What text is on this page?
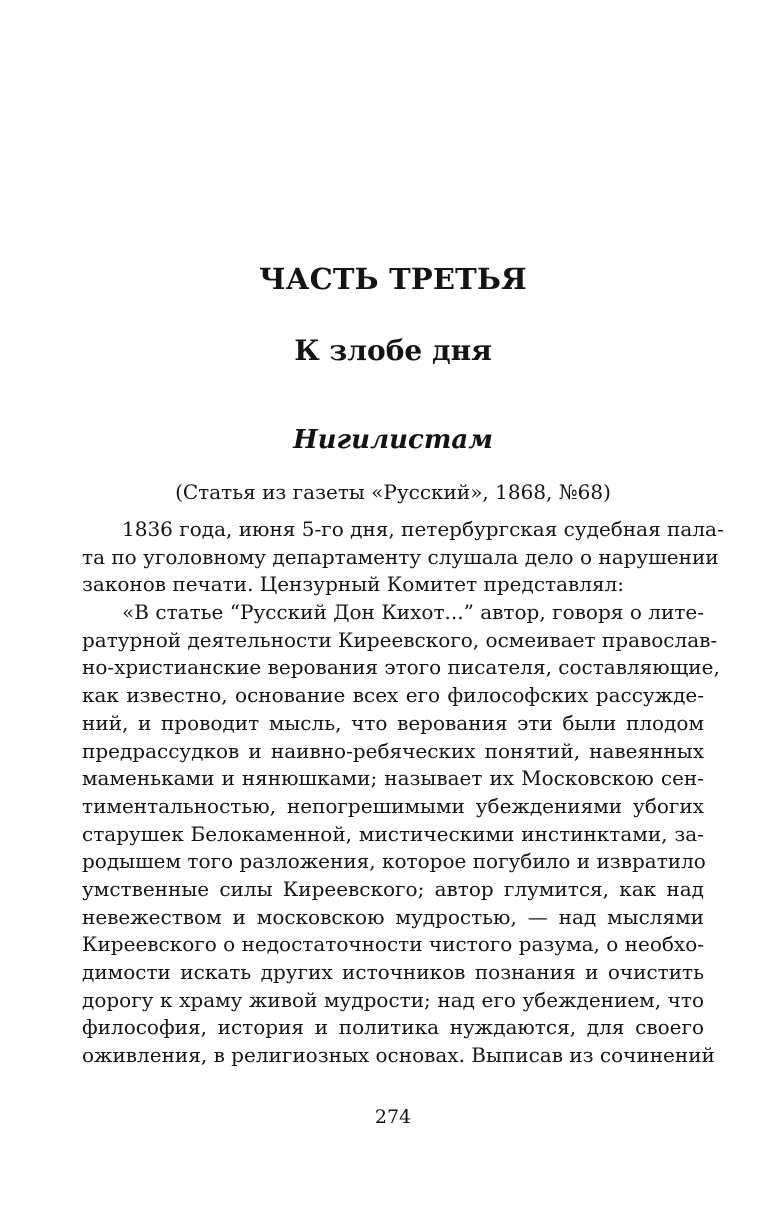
ЧАСТЬ ТРЕТЬЯ
К злобе дня
Нигилистам
(Статья из газеты «Русский», 1868, №68)
1836 года, июня 5-го дня, петербургская судебная пала-
та по уголовному департаменту слушала дело о нарушении
законов печати. Цензурный Комитет представлял:
«В статье “Русский Дон Кихот...” автор, говоря о лите-
ратурной деятельности Киреевского, осмеивает православ-
но-христианские верования этого писателя, составляющие,
как известно, основание всех его философских рассужде-
ний, и проводит мысль, что верования эти были плодом
предрассудков и наивно-ребяческих понятий, навеянных
маменьками и нянюшками; называет их Московскою сен-
тиментальностью, непогрешимыми убеждениями убогих
старушек Белокаменной, мистическими инстинктами, за-
родышем того разложения, которое погубило и извратило
умственные силы Киреевского; автор глумится, как над
невежеством и московскою мудростью, — над мыслями
Киреевского о недостаточности чистого разума, о необхо-
димости искать других источников познания и очистить
дорогу к храму живой мудрости; над его убеждением, что
философия, история и политика нуждаются, для своего
оживления, в религиозных основах. Выписав из сочинений
274
